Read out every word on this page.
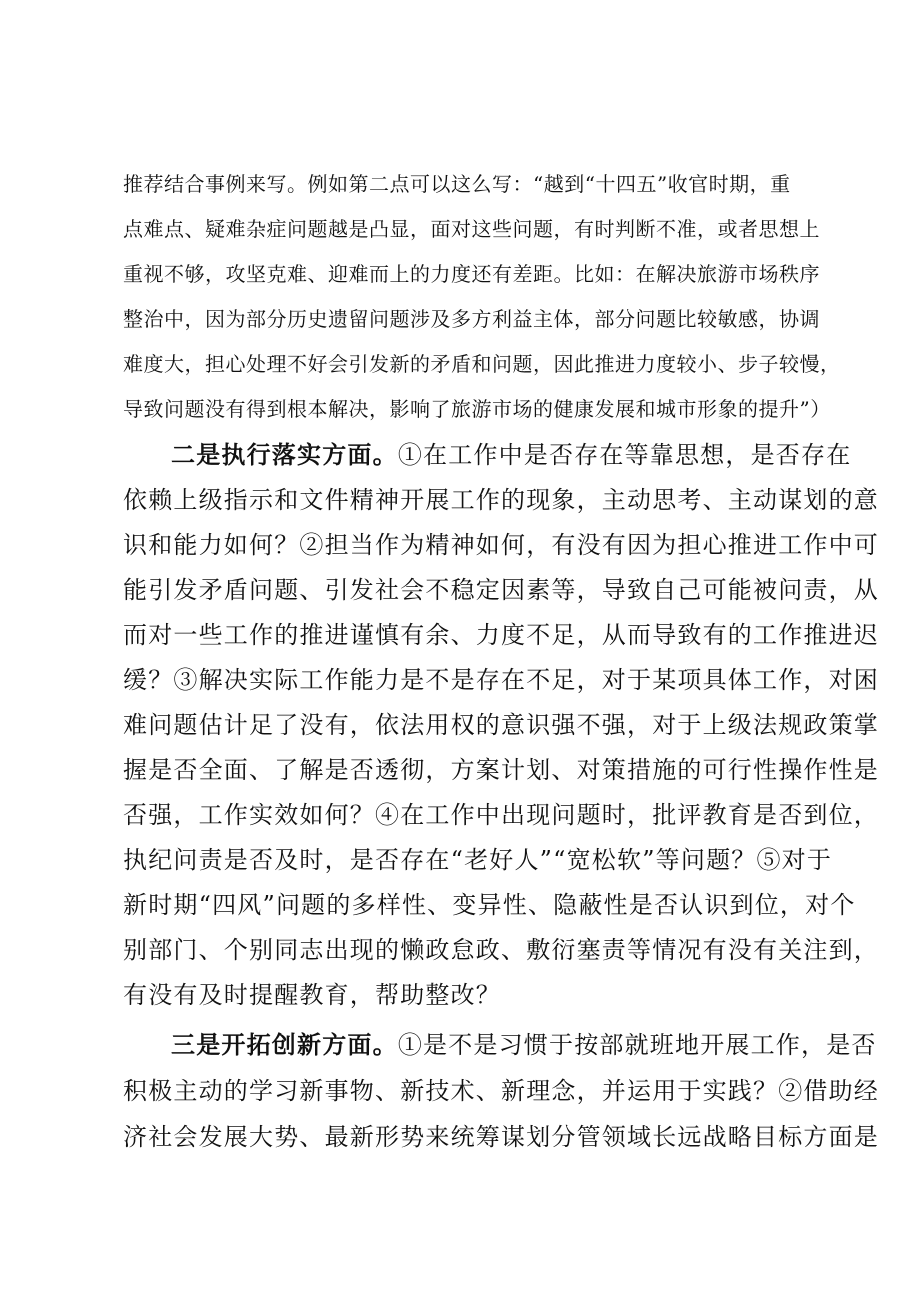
推荐结合事例来写。例如第二点可以这么写：“越到“十四五”收官时期，重
点难点、疑难杂症问题越是凸显，面对这些问题，有时判断不准，或者思想上
重视不够，攻坚克难、迎难而上的力度还有差距。比如：在解决旅游市场秩序
整治中，因为部分历史遗留问题涉及多方利益主体，部分问题比较敏感，协调
难度大，担心处理不好会引发新的矛盾和问题，因此推进力度较小、步子较慢，
导致问题没有得到根本解决，影响了旅游市场的健康发展和城市形象的提升”）
二是执行落实方面。①在工作中是否存在等靠思想，是否存在
依赖上级指示和文件精神开展工作的现象，主动思考、主动谋划的意
识和能力如何？②担当作为精神如何，有没有因为担心推进工作中可
能引发矛盾问题、引发社会不稳定因素等，导致自己可能被问责，从
而对一些工作的推进谨慎有余、力度不足，从而导致有的工作推进迟
缓？③解决实际工作能力是不是存在不足，对于某项具体工作，对困
难问题估计足了没有，依法用权的意识强不强，对于上级法规政策掌
握是否全面、了解是否透彻，方案计划、对策措施的可行性操作性是
否强，工作实效如何？④在工作中出现问题时，批评教育是否到位，
执纪问责是否及时，是否存在“老好人”“宽松软”等问题？⑤对于
新时期“四风”问题的多样性、变异性、隐蔽性是否认识到位，对个
别部门、个别同志出现的懒政怠政、敷衍塞责等情况有没有关注到，
有没有及时提醒教育，帮助整改？
三是开拓创新方面。①是不是习惯于按部就班地开展工作，是否
积极主动的学习新事物、新技术、新理念，并运用于实践？②借助经
济社会发展大势、最新形势来统筹谋划分管领域长远战略目标方面是
